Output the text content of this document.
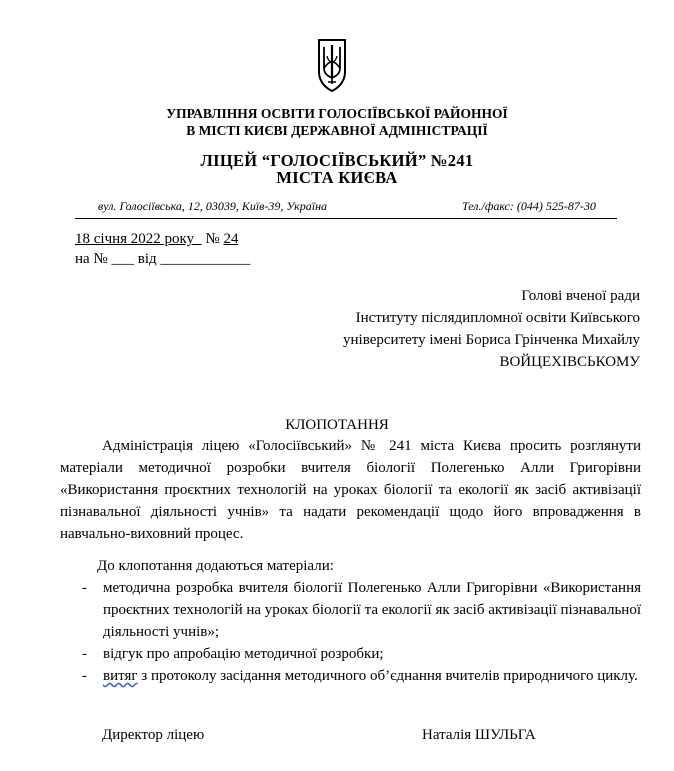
УПРАВЛІННЯ ОСВІТИ ГОЛОСІЇВСЬКОЇ РАЙОННОЇ
В МІСТІ КИЄВІ ДЕРЖАВНОЇ АДМІНІСТРАЦІЇ
ЛІЦЕЙ “ГОЛОСІЇВСЬКИЙ” №241
МІСТА КИЄВА
вул. Голосіївська, 12, 03039, Київ-39, Україна	Тел./факс: (044) 525-87-30
18 січня 2022 року № 24
на № ___ від ____________
Голові вченої ради
Інституту післядипломної освіти Київського
університету імені Бориса Грінченка Михайлу
ВОЙЦЕХІВСЬКОМУ
КЛОПОТАННЯ
Адміністрація ліцею «Голосіївський» № 241 міста Києва просить розглянути матеріали методичної розробки вчителя біології Полегенько Алли Григорівни «Використання проєктних технологій на уроках біології та екології як засіб активізації пізнавальної діяльності учнів» та надати рекомендації щодо його впровадження в навчально-виховний процес.
До клопотання додаються матеріали:
- методична розробка вчителя біології Полегенько Алли Григорівни «Використання проєктних технологій на уроках біології та екології як засіб активізації пізнавальної діяльності учнів»;
- відгук про апробацію методичної розробки;
- витяг з протоколу засідання методичного об’єднання вчителів природничого циклу.
Директор ліцею	Наталія ШУЛЬГА
